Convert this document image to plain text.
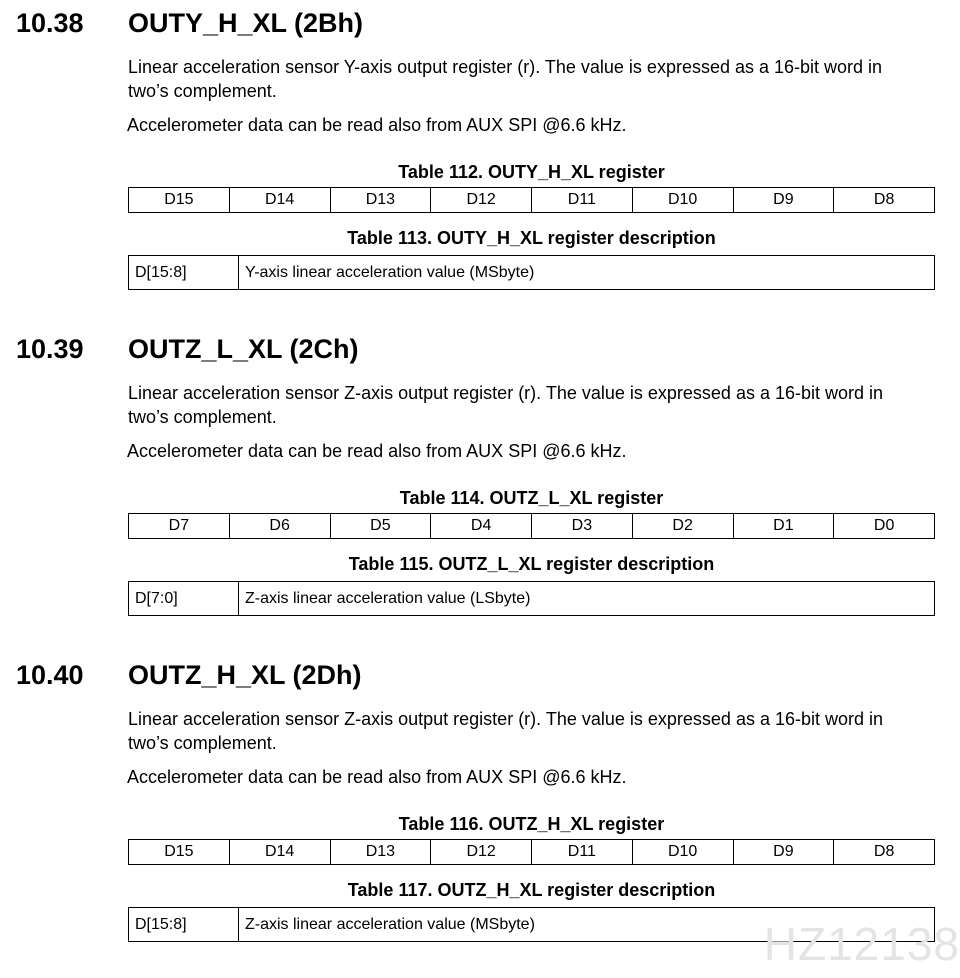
10.38 OUTY_H_XL (2Bh)
Linear acceleration sensor Y-axis output register (r). The value is expressed as a 16-bit word in two’s complement.
Accelerometer data can be read also from AUX SPI @6.6 kHz.
Table 112. OUTY_H_XL register
D15	D14	D13	D12	D11	D10	D9	D8
Table 113. OUTY_H_XL register description
D[15:8]	Y-axis linear acceleration value (MSbyte)
10.39 OUTZ_L_XL (2Ch)
Linear acceleration sensor Z-axis output register (r). The value is expressed as a 16-bit word in two’s complement.
Accelerometer data can be read also from AUX SPI @6.6 kHz.
Table 114. OUTZ_L_XL register
D7	D6	D5	D4	D3	D2	D1	D0
Table 115. OUTZ_L_XL register description
D[7:0]	Z-axis linear acceleration value (LSbyte)
10.40 OUTZ_H_XL (2Dh)
Linear acceleration sensor Z-axis output register (r). The value is expressed as a 16-bit word in two’s complement.
Accelerometer data can be read also from AUX SPI @6.6 kHz.
Table 116. OUTZ_H_XL register
D15	D14	D13	D12	D11	D10	D9	D8
Table 117. OUTZ_H_XL register description
D[15:8]	Z-axis linear acceleration value (MSbyte)	HZ12138
